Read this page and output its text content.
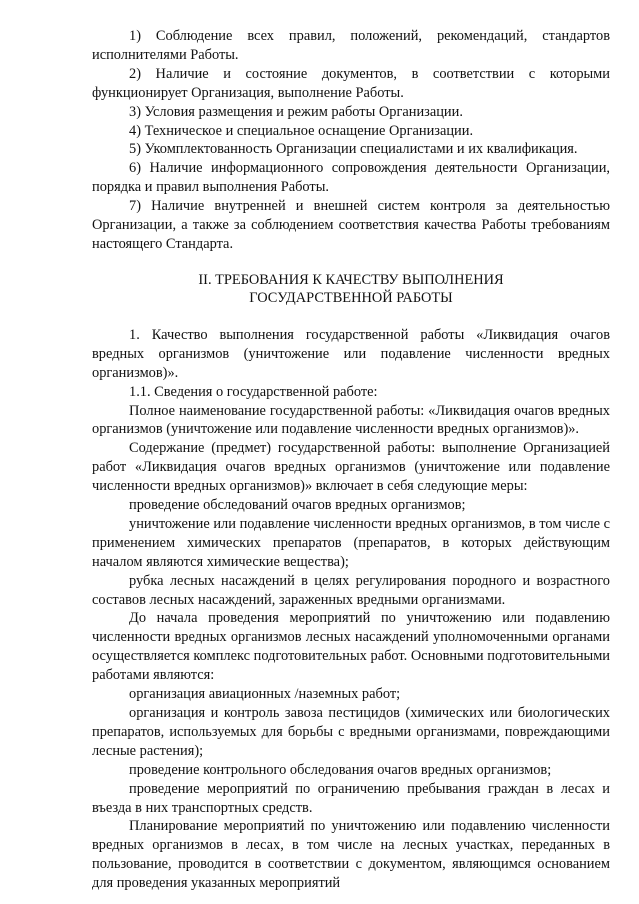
1) Соблюдение всех правил, положений, рекомендаций, стандартов исполнителями Работы.

2) Наличие и состояние документов, в соответствии с которыми функционирует Организация, выполнение Работы.

3) Условия размещения и режим работы Организации.

4) Техническое и специальное оснащение Организации.

5) Укомплектованность Организации специалистами и их квалификация.

6) Наличие информационного сопровождения деятельности Организации, порядка и правил выполнения Работы.

7) Наличие внутренней и внешней систем контроля за деятельностью Организации, а также за соблюдением соответствия качества Работы требованиям настоящего Стандарта.

II. ТРЕБОВАНИЯ К КАЧЕСТВУ ВЫПОЛНЕНИЯ
ГОСУДАРСТВЕННОЙ РАБОТЫ

1. Качество выполнения государственной работы «Ликвидация очагов вредных организмов (уничтожение или подавление численности вредных организмов)».

1.1. Сведения о государственной работе:

Полное наименование государственной работы: «Ликвидация очагов вредных организмов (уничтожение или подавление численности вредных организмов)».

Содержание (предмет) государственной работы: выполнение Организацией работ «Ликвидация очагов вредных организмов (уничтожение или подавление численности вредных организмов)» включает в себя следующие меры:

проведение обследований очагов вредных организмов;

уничтожение или подавление численности вредных организмов, в том числе с применением химических препаратов (препаратов, в которых действующим началом являются химические вещества);

рубка лесных насаждений в целях регулирования породного и возрастного составов лесных насаждений, зараженных вредными организмами.

До начала проведения мероприятий по уничтожению или подавлению численности вредных организмов лесных насаждений уполномоченными органами осуществляется комплекс подготовительных работ. Основными подготовительными работами являются:

организация авиационных /наземных работ;

организация и контроль завоза пестицидов (химических или биологических препаратов, используемых для борьбы с вредными организмами, повреждающими лесные растения);

проведение контрольного обследования очагов вредных организмов;

проведение мероприятий по ограничению пребывания граждан в лесах и въезда в них транспортных средств.

Планирование мероприятий по уничтожению или подавлению численности вредных организмов в лесах, в том числе на лесных участках, переданных в пользование, проводится в соответствии с документом, являющимся основанием для проведения указанных мероприятий
